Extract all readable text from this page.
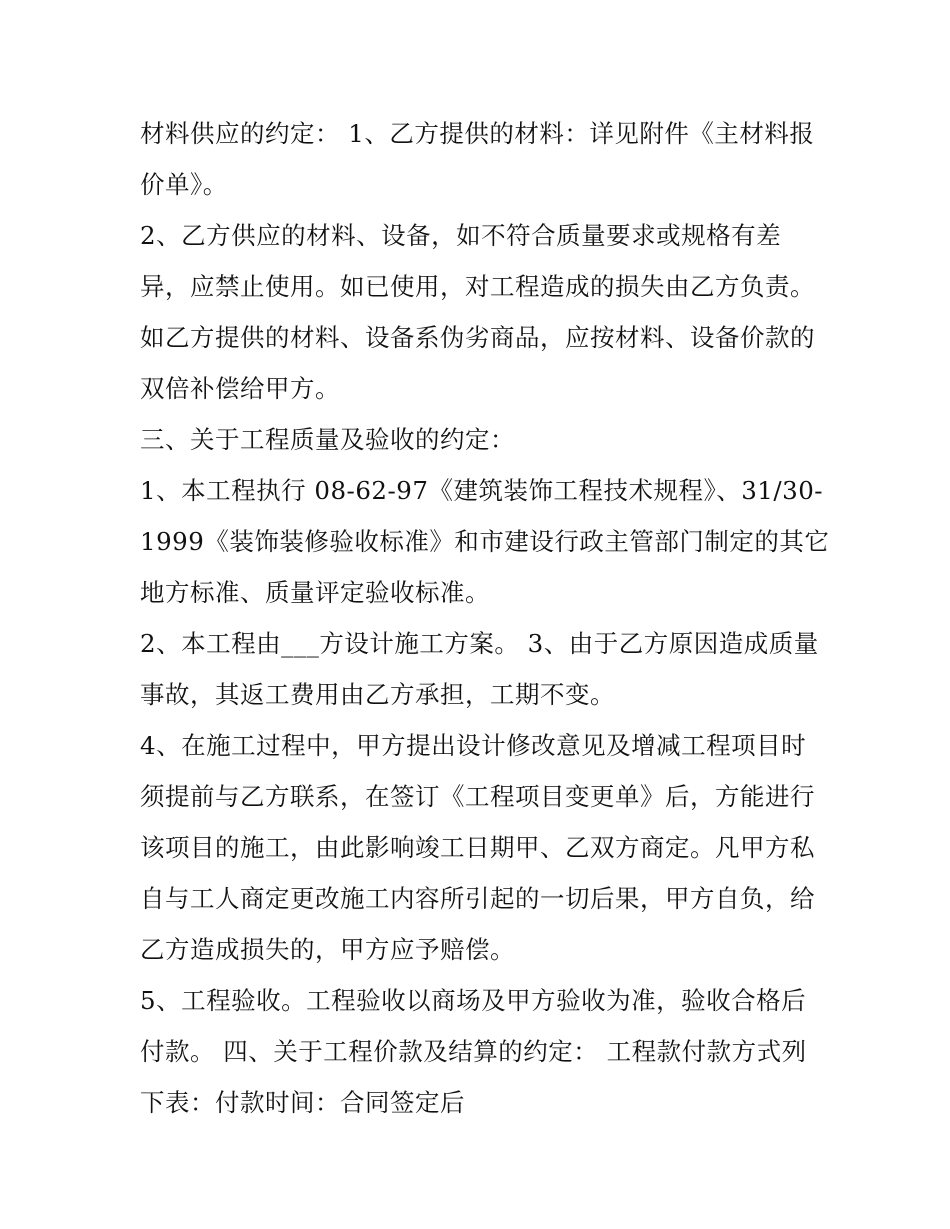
材料供应的约定： 1、乙方提供的材料：详见附件《主材料报
价单》。
2、乙方供应的材料、设备，如不符合质量要求或规格有差
异，应禁止使用。如已使用，对工程造成的损失由乙方负责。
如乙方提供的材料、设备系伪劣商品，应按材料、设备价款的
双倍补偿给甲方。
三、关于工程质量及验收的约定：
1、本工程执行 08-62-97《建筑装饰工程技术规程》、31/30-
1999《装饰装修验收标准》和市建设行政主管部门制定的其它
地方标准、质量评定验收标准。
2、本工程由___方设计施工方案。 3、由于乙方原因造成质量
事故，其返工费用由乙方承担，工期不变。
4、在施工过程中，甲方提出设计修改意见及增减工程项目时
须提前与乙方联系，在签订《工程项目变更单》后，方能进行
该项目的施工，由此影响竣工日期甲、乙双方商定。凡甲方私
自与工人商定更改施工内容所引起的一切后果，甲方自负，给
乙方造成损失的，甲方应予赔偿。
5、工程验收。工程验收以商场及甲方验收为准，验收合格后
付款。 四、关于工程价款及结算的约定： 工程款付款方式列
下表：付款时间：合同签定后
